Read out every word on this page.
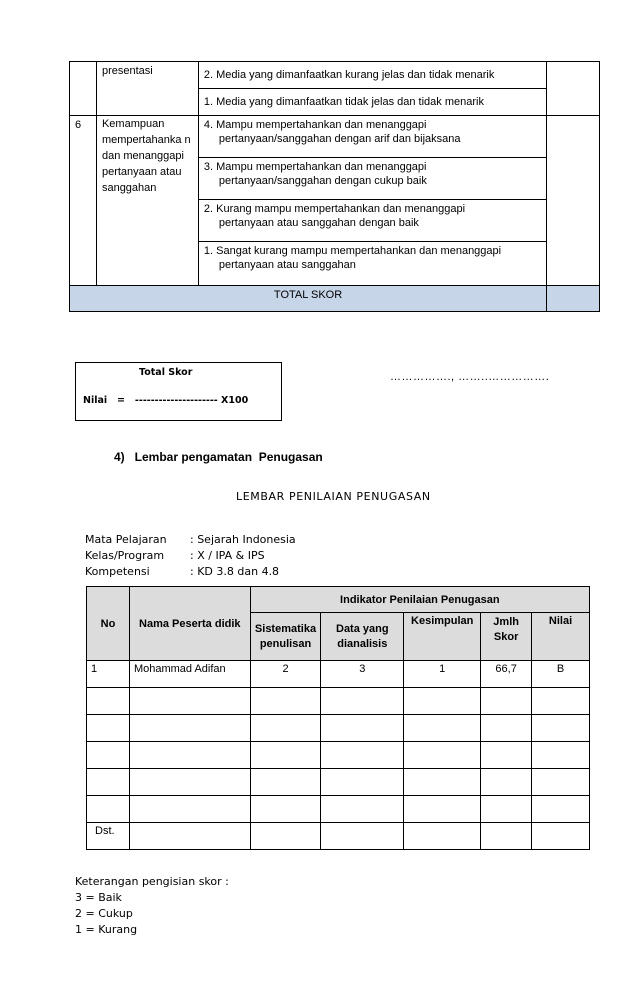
	presentasi	2. Media yang dimanfaatkan kurang jelas dan tidak menarik	
		1. Media yang dimanfaatkan tidak jelas dan tidak menarik	
6	Kemampuan mempertahanka n dan menanggapi pertanyaan atau sanggahan	4. Mampu mempertahankan dan menanggapi
pertanyaan/sanggahan dengan arif dan bijaksana	

		3. Mampu mempertahankan dan menanggapi
pertanyaan/sanggahan dengan cukup baik	

		2. Kurang mampu mempertahankan dan menanggapi
pertanyaan atau sanggahan dengan baik	

		1. Sangat kurang mampu mempertahankan dan menanggapi
pertanyaan atau sanggahan	

TOTAL SKOR			
Total Skor
Nilai   =   --------------------- X100
……………., ……..…………….
4)   Lembar pengamatan  Penugasan
LEMBAR PENILAIAN PENUGASAN
Mata Pelajaran	: Sejarah Indonesia
Kelas/Program	: X / IPA & IPS
Kompetensi	: KD 3.8 dan 4.8
No	Nama Peserta didik	Indikator Penilaian Penugasan				
		Sistematika penulisan	Data yang dianalisis	Kesimpulan	Jmlh Skor	Nilai
1	Mohammad Adifan	2	3	1	66,7	B

Dst.						
Keterangan pengisian skor :
3 = Baik
2 = Cukup
1 = Kurang
